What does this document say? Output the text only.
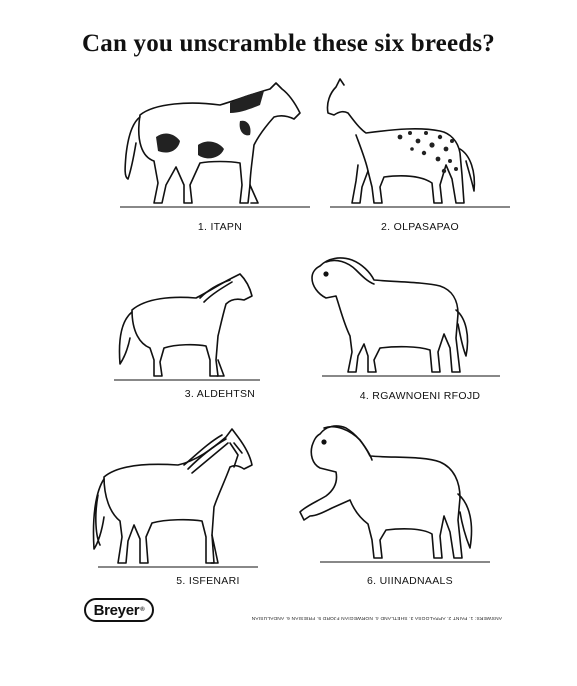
Can you unscramble these six breeds?
1. ITAPN	2. OLPASAPAO
3. ALDEHTSN	4. RGAWNOENI RFOJD
5. ISFENARI	6. UIINADNAALS
Breyer ®
ANSWERS: 1. PAINT 2. APPALOOSA 3. SHETLAND 4. NORWEGIAN FJORD 5. FRIESIAN 6. ANDALUSIAN
